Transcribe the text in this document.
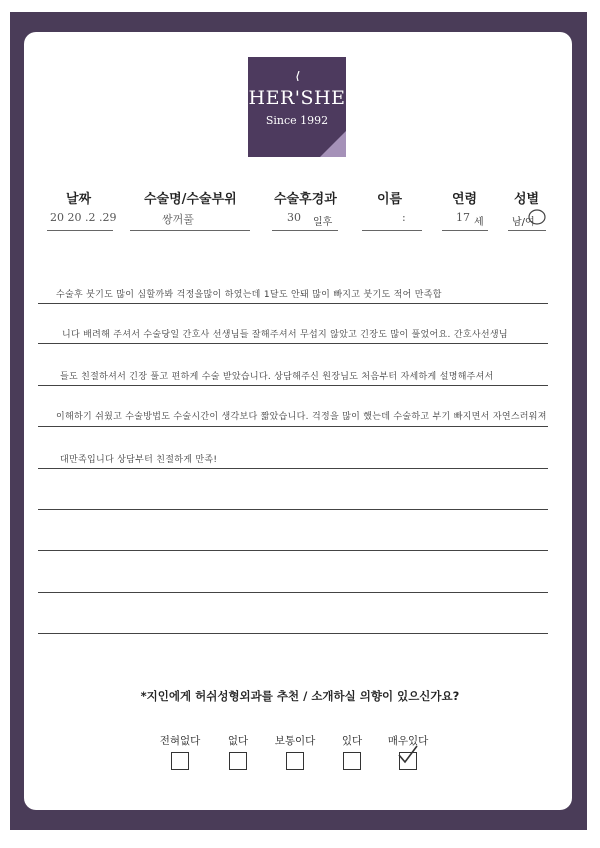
HER'SHE
Since 1992
날짜	수술명/수술부위	수술후경과	이름	연령	성별
20 20 .2 .29	쌍꺼풀	30 일후	:	17 세	남/여
수술후 붓기도 많이 심할까봐 걱정을많이 하였는데 1달도 안돼 많이 빠지고 붓기도 적어 만족합
니다 배려해 주셔서 수술당일 간호사 선생님들 잘해주셔서 무섭지 않았고 긴장도 많이 풀었어요. 간호사선생님
들도 친절하셔서 긴장 풀고 편하게 수술 받았습니다. 상담해주신 원장님도 처음부터 자세하게 설명해주셔서
이해하기 쉬웠고 수술방법도 수술시간이 생각보다 짧았습니다. 걱정을 많이 했는데 수술하고 부기 빠지면서 자연스러워져
대만족입니다 상담부터 친절하게 만족!
*지인에게 허쉬성형외과를 추천 / 소개하실 의향이 있으신가요?
전혀없다	없다	보통이다	있다	매우있다
